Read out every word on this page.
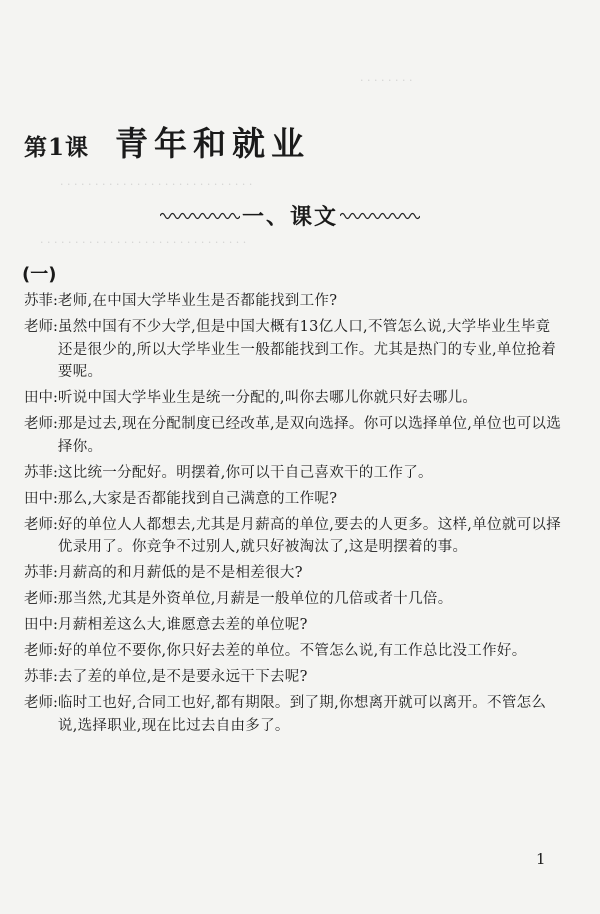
· · · · · · · ·
· · · · · · · · · · · · · · · · · · · · · · · · · · · ·
· · · · · · · · · · · · · · · · · · · · · · · · · · · · · ·
第1课 青年和就业
一、课文
(一)
苏菲: 老师,在中国大学毕业生是否都能找到工作?
老师: 虽然中国有不少大学,但是中国大概有13亿人口,不管怎么说,大学毕业生毕竟还是很少的,所以大学毕业生一般都能找到工作。尤其是热门的专业,单位抢着要呢。
田中: 听说中国大学毕业生是统一分配的,叫你去哪儿你就只好去哪儿。
老师: 那是过去,现在分配制度已经改革,是双向选择。你可以选择单位,单位也可以选择你。
苏菲: 这比统一分配好。明摆着,你可以干自己喜欢干的工作了。
田中: 那么,大家是否都能找到自己满意的工作呢?
老师: 好的单位人人都想去,尤其是月薪高的单位,要去的人更多。这样,单位就可以择优录用了。你竞争不过别人,就只好被淘汰了,这是明摆着的事。
苏菲: 月薪高的和月薪低的是不是相差很大?
老师: 那当然,尤其是外资单位,月薪是一般单位的几倍或者十几倍。
田中: 月薪相差这么大,谁愿意去差的单位呢?
老师: 好的单位不要你,你只好去差的单位。不管怎么说,有工作总比没工作好。
苏菲: 去了差的单位,是不是要永远干下去呢?
老师: 临时工也好,合同工也好,都有期限。到了期,你想离开就可以离开。不管怎么说,选择职业,现在比过去自由多了。
1
